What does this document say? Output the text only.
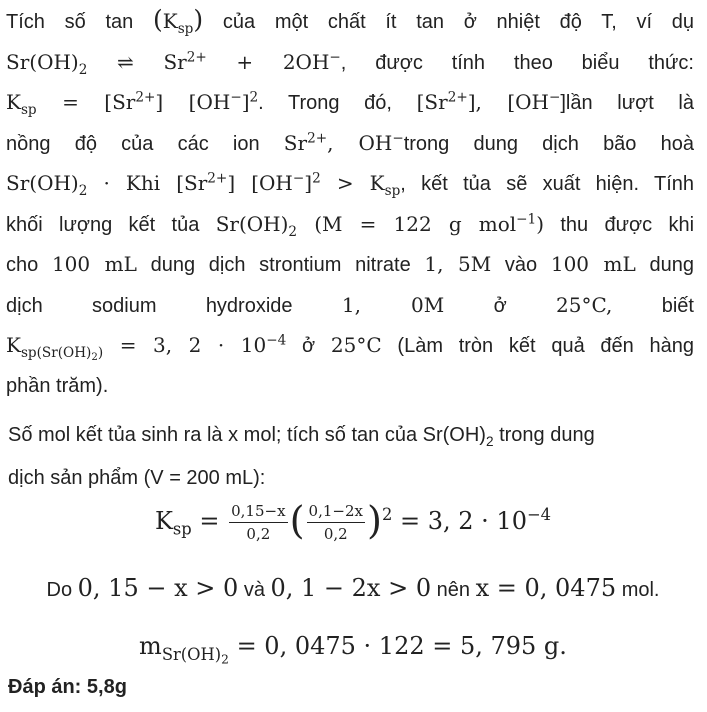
Tích số $\tan (K_{sp})$ của một chất ít tan ở nhiệt độ T, ví dụ
$Sr(OH)_2$ ⇌ $Sr^{2+} + 2OH^-$, được tính theo biểu thức:
$K_{sp} = [Sr^{2+}]$ $[OH^-]^2$. Trong đó, $[Sr^{2+}]$, [OH−]lần lượt là
nồng độ của các ion $Sr^{2+}$, OH−trong dung dịch bão hoà
$Sr(OH)_2$ · Khi $[Sr^{2+}] [OH^-]^2 > K_{sp}$, kết tủa sẽ xuất hiện. Tính
khối lượng kết tủa $Sr(OH)_2$ (M = 122 g mol$^{-1}$) thu được khi
cho 100 mL dung dịch strontium nitrate 1, 5M vào 100 mL dung
dịch sodium hydroxide 1, 0M ở 25°C, biết
$K_{sp(Sr(OH)_2)} = 3$, $2 \cdot 10^{-4}$ ở 25°C (Làm tròn kết quả đến hàng
phần trăm).
Số mol kết tủa sinh ra là x mol; tích số tan của $Sr(OH)_2$ trong dung
dịch sản phẩm (V = 200 mL):
$K_{sp} = \frac{0,15-x}{0,2}$ ( $\frac{0,1-2x}{0,2} )^2 = 3$, $2 \cdot 10^{-4}$
Do 0, 15 − x > 0 và 0, 1 − 2x > 0 nên x = 0, 0475 mol.
$m_{Sr(OH)_2} = 0$, 0475 · 122 = 5, 795 g.
Đáp án: 5,8g
